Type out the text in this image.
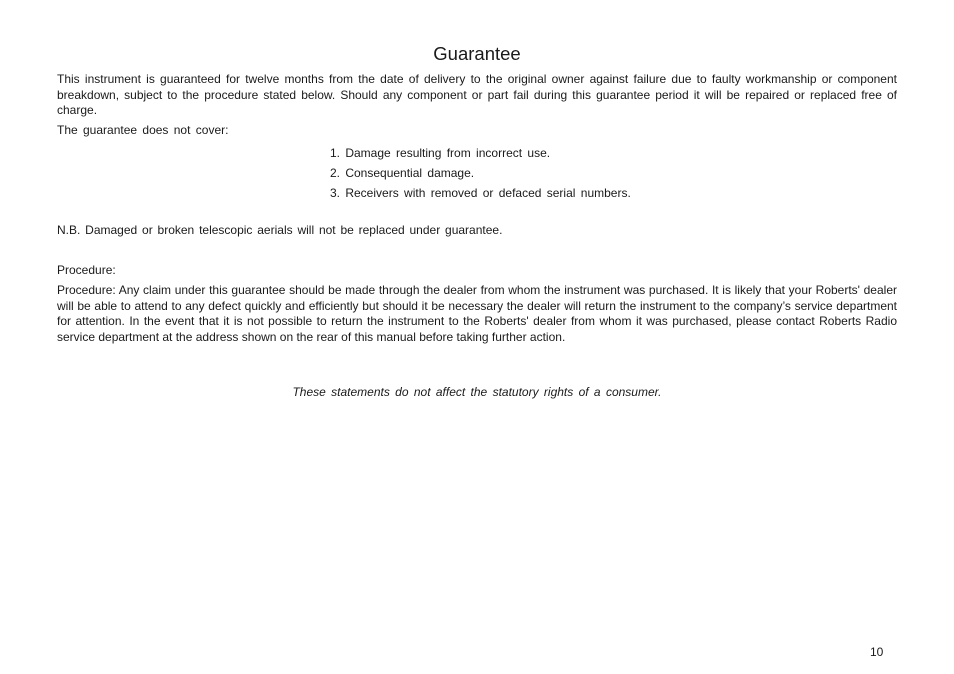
Guarantee

This instrument is guaranteed for twelve months from the date of delivery to the original owner against failure due to faulty workmanship or component breakdown, subject to the procedure stated below. Should any component or part fail during this guarantee period it will be repaired or replaced free of charge.

The guarantee does not cover:

1. Damage resulting from incorrect use.
2. Consequential damage.
3. Receivers with removed or defaced serial numbers.

N.B. Damaged or broken telescopic aerials will not be replaced under guarantee.

Procedure:

Procedure: Any claim under this guarantee should be made through the dealer from whom the instrument was purchased. It is likely that your Roberts' dealer will be able to attend to any defect quickly and efficiently but should it be necessary the dealer will return the instrument to the company’s service department for attention. In the event that it is not possible to return the instrument to the Roberts' dealer from whom it was purchased, please contact Roberts Radio service department at the address shown on the rear of this manual before taking further action.

These statements do not affect the statutory rights of a consumer.

10
